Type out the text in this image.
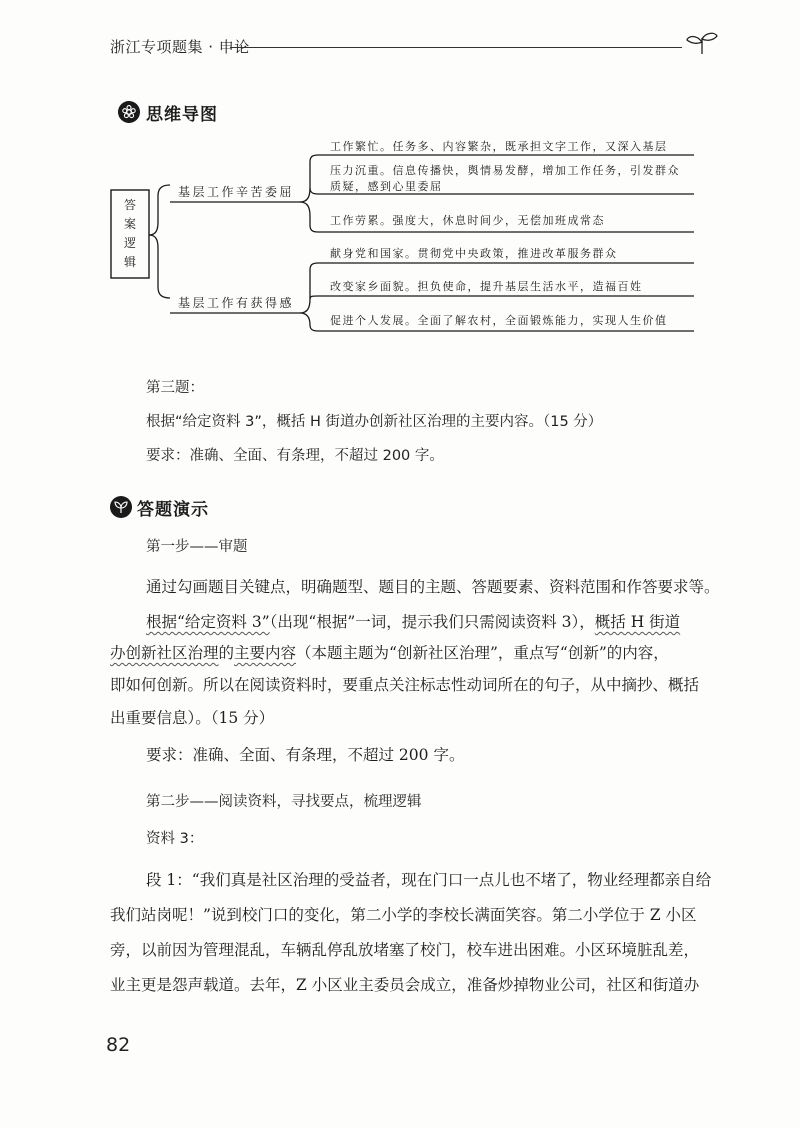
浙江专项题集 · 申论
思维导图
答案逻辑
基层工作辛苦委屈
基层工作有获得感
工作繁忙。任务多、内容繁杂，既承担文字工作，又深入基层
压力沉重。信息传播快，舆情易发酵，增加工作任务，引发群众
质疑，感到心里委屈
工作劳累。强度大，休息时间少，无偿加班成常态
献身党和国家。贯彻党中央政策，推进改革服务群众
改变家乡面貌。担负使命，提升基层生活水平，造福百姓
促进个人发展。全面了解农村，全面锻炼能力，实现人生价值
第三题：
根据“给定资料 3”，概括 H 街道办创新社区治理的主要内容。（15 分）
要求：准确、全面、有条理，不超过 200 字。
答题演示
第一步——审题
通过勾画题目关键点，明确题型、题目的主题、答题要素、资料范围和作答要求等。
根据“给定资料 3”（出现“根据”一词，提示我们只需阅读资料 3），概括 H 街道
办创新社区治理的主要内容（本题主题为“创新社区治理”，重点写“创新”的内容，
即如何创新。所以在阅读资料时，要重点关注标志性动词所在的句子，从中摘抄、概括
出重要信息）。（15 分）
要求：准确、全面、有条理，不超过 200 字。
第二步——阅读资料，寻找要点，梳理逻辑
资料 3：
段 1：“我们真是社区治理的受益者，现在门口一点儿也不堵了，物业经理都亲自给
我们站岗呢！”说到校门口的变化，第二小学的李校长满面笑容。第二小学位于 Z 小区
旁，以前因为管理混乱，车辆乱停乱放堵塞了校门，校车进出困难。小区环境脏乱差，
业主更是怨声载道。去年，Z 小区业主委员会成立，准备炒掉物业公司，社区和街道办
82
